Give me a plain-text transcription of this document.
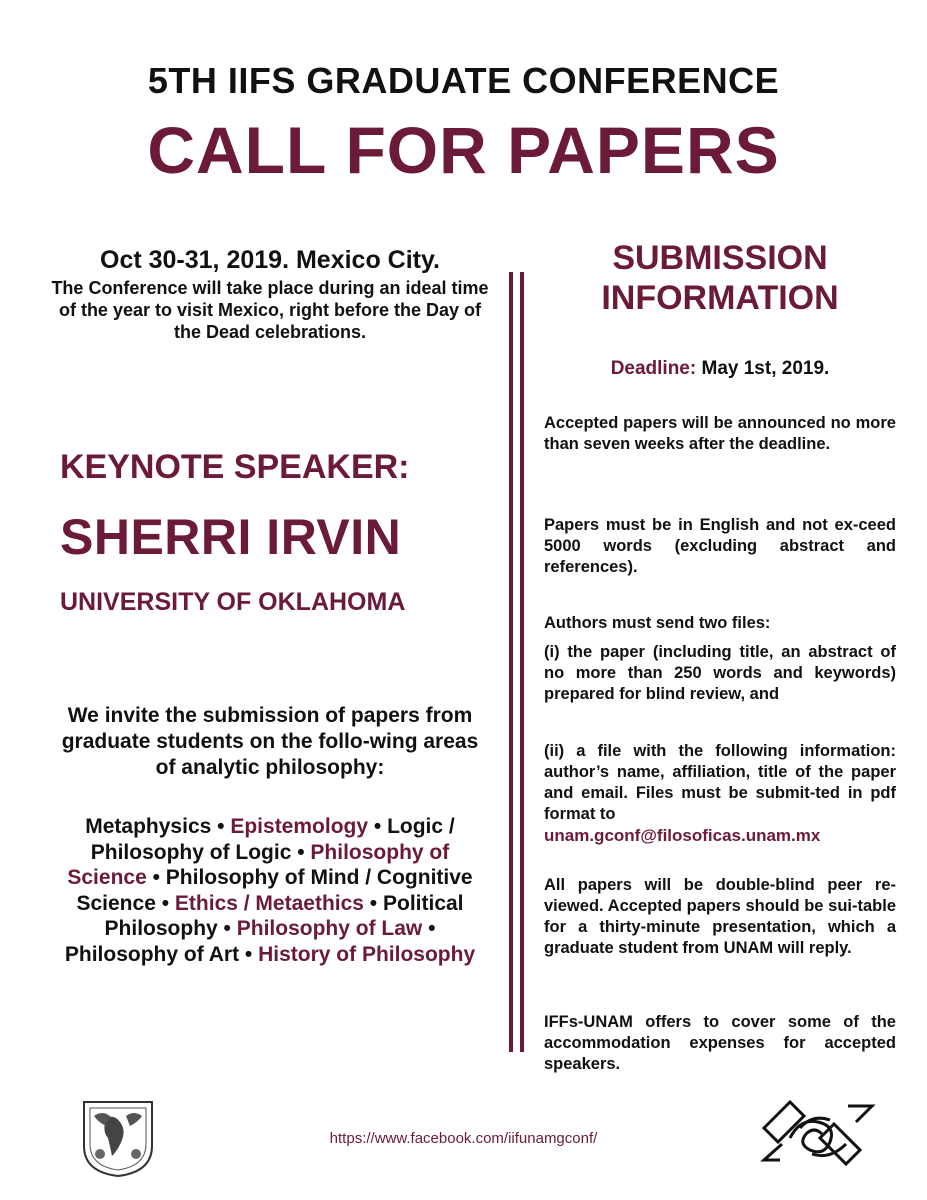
5TH IIFS GRADUATE CONFERENCE
CALL FOR PAPERS
Oct 30-31, 2019. Mexico City.
The Conference will take place during an ideal time of the year to visit Mexico, right before the Day of the Dead celebrations.
KEYNOTE SPEAKER:
SHERRI IRVIN
UNIVERSITY OF OKLAHOMA
We invite the submission of papers from graduate students on the follo-wing areas of analytic philosophy:
Metaphysics • Epistemology • Logic / Philosophy of Logic • Philosophy of Science • Philosophy of Mind / Cognitive Science • Ethics / Metaethics • Political Philosophy • Philosophy of Law • Philosophy of Art • History of Philosophy
SUBMISSION
INFORMATION
Deadline: May 1st, 2019.
Accepted papers will be announced no more than seven weeks after the deadline.
Papers must be in English and not ex-ceed 5000 words (excluding abstract and references).
Authors must send two files:
(i) the paper (including title, an abstract of no more than 250 words and keywords) prepared for blind review, and
(ii) a file with the following information: author’s name, affiliation, title of the paper and email. Files must be submit-ted in pdf format to
unam.gconf@filosoficas.unam.mx
All papers will be double-blind peer re-viewed. Accepted papers should be sui-table for a thirty-minute presentation, which a graduate student from UNAM will reply.
IFFs-UNAM offers to cover some of the accommodation expenses for accepted speakers.
https://www.facebook.com/iifunamgconf/
